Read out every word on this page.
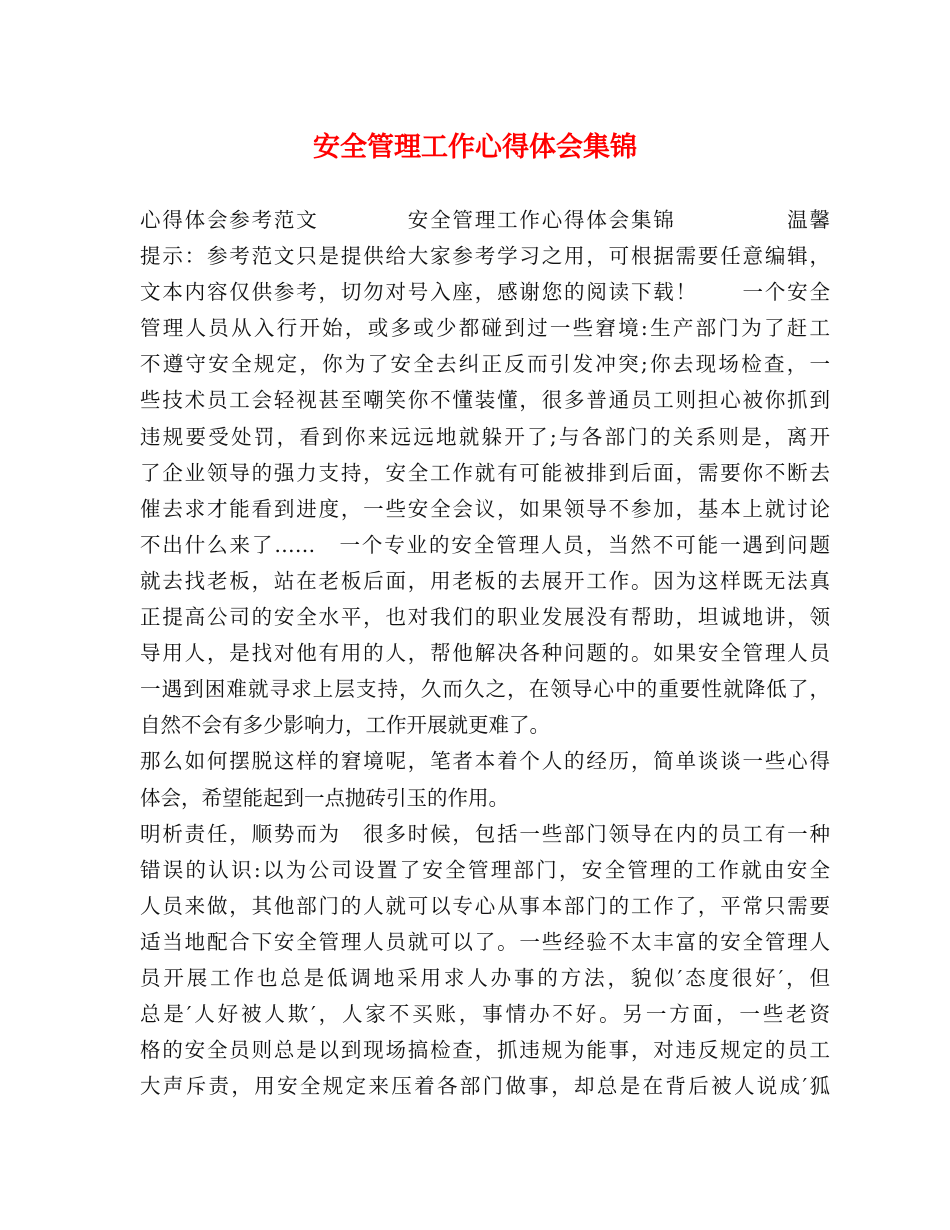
安全管理工作心得体会集锦
心得体会参考范文　　　　安全管理工作心得体会集锦　　　　　温馨
提示：参考范文只是提供给大家参考学习之用，可根据需要任意编辑，
文本内容仅供参考，切勿对号入座，感谢您的阅读下载！　　一个安全
管理人员从入行开始，或多或少都碰到过一些窘境:生产部门为了赶工
不遵守安全规定，你为了安全去纠正反而引发冲突;你去现场检查，一
些技术员工会轻视甚至嘲笑你不懂装懂，很多普通员工则担心被你抓到
违规要受处罚，看到你来远远地就躲开了;与各部门的关系则是，离开
了企业领导的强力支持，安全工作就有可能被排到后面，需要你不断去
催去求才能看到进度，一些安全会议，如果领导不参加，基本上就讨论
不出什么来了……　一个专业的安全管理人员，当然不可能一遇到问题
就去找老板，站在老板后面，用老板的去展开工作。因为这样既无法真
正提高公司的安全水平，也对我们的职业发展没有帮助，坦诚地讲，领
导用人，是找对他有用的人，帮他解决各种问题的。如果安全管理人员
一遇到困难就寻求上层支持，久而久之，在领导心中的重要性就降低了，
自然不会有多少影响力，工作开展就更难了。
那么如何摆脱这样的窘境呢，笔者本着个人的经历，简单谈谈一些心得
体会，希望能起到一点抛砖引玉的作用。
明析责任，顺势而为　很多时候，包括一些部门领导在内的员工有一种
错误的认识:以为公司设置了安全管理部门，安全管理的工作就由安全
人员来做，其他部门的人就可以专心从事本部门的工作了，平常只需要
适当地配合下安全管理人员就可以了。一些经验不太丰富的安全管理人
员开展工作也总是低调地采用求人办事的方法，貌似′态度很好′，但
总是′人好被人欺′，人家不买账，事情办不好。另一方面，一些老资
格的安全员则总是以到现场搞检查，抓违规为能事，对违反规定的员工
大声斥责，用安全规定来压着各部门做事，却总是在背后被人说成′狐
